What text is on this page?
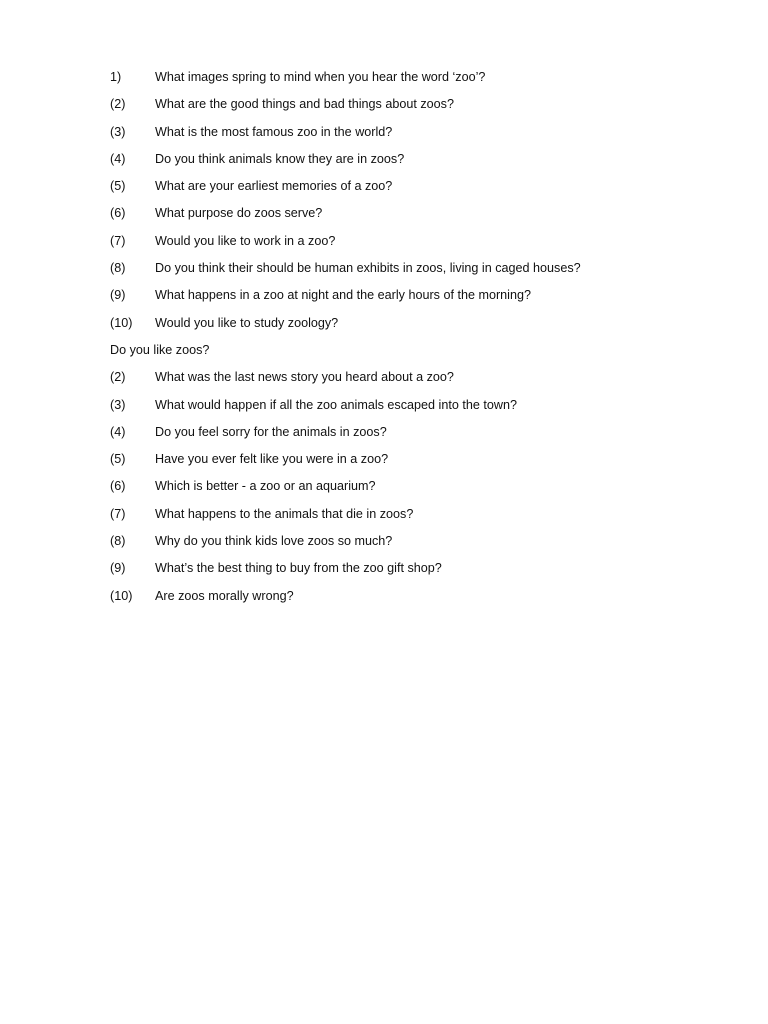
1)	What images spring to mind when you hear the word ‘zoo’?
(2)	What are the good things and bad things about zoos?
(3)	What is the most famous zoo in the world?
(4)	Do you think animals know they are in zoos?
(5)	What are your earliest memories of a zoo?
(6)	What purpose do zoos serve?
(7)	Would you like to work in a zoo?
(8)	Do you think their should be human exhibits in zoos, living in caged houses?
(9)	What happens in a zoo at night and the early hours of the morning?
(10)	Would you like to study zoology?
Do you like zoos?
(2)	What was the last news story you heard about a zoo?
(3)	What would happen if all the zoo animals escaped into the town?
(4)	Do you feel sorry for the animals in zoos?
(5)	Have you ever felt like you were in a zoo?
(6)	Which is better - a zoo or an aquarium?
(7)	What happens to the animals that die in zoos?
(8)	Why do you think kids love zoos so much?
(9)	What’s the best thing to buy from the zoo gift shop?
(10)	Are zoos morally wrong?
